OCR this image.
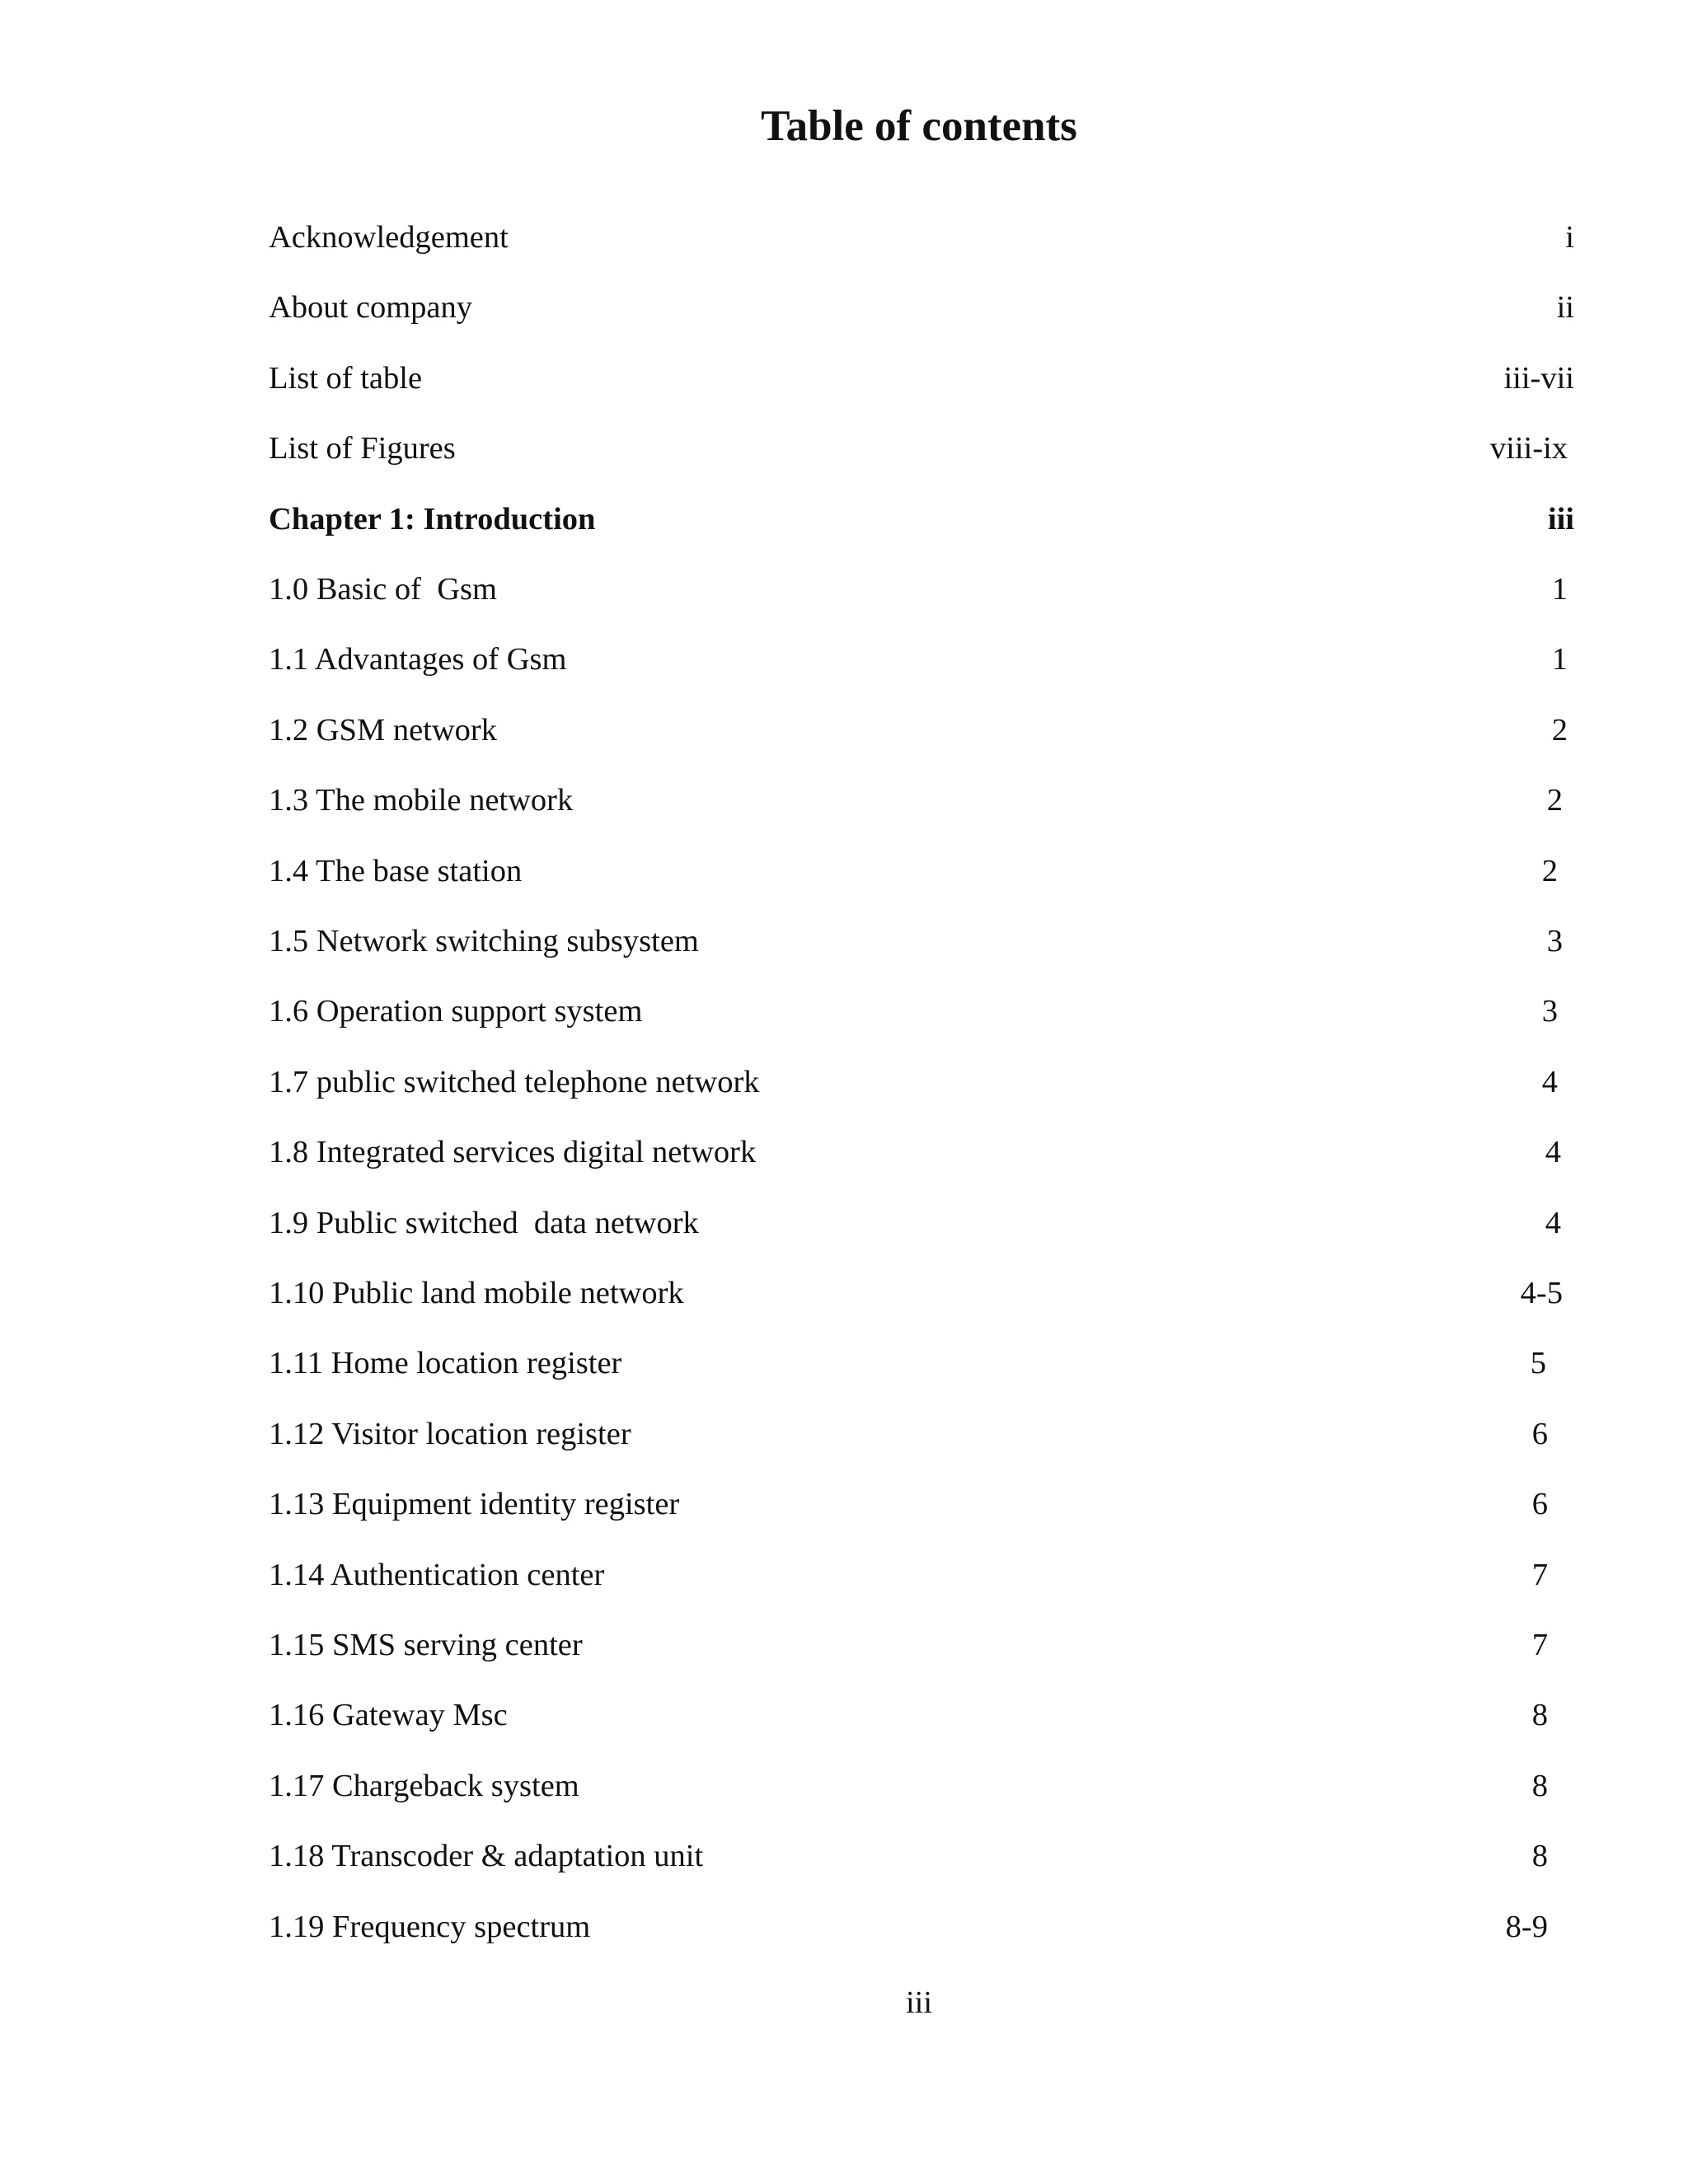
Table of contents
Acknowledgement	i
About company	ii
List of table	iii-vii
List of Figures	viii-ix
Chapter 1: Introduction	iii
1.0 Basic of  Gsm	1
1.1 Advantages of Gsm	1
1.2 GSM network	2
1.3 The mobile network	2
1.4 The base station	2
1.5 Network switching subsystem	3
1.6 Operation support system	3
1.7 public switched telephone network	4
1.8 Integrated services digital network	4
1.9 Public switched  data network	4
1.10 Public land mobile network	4-5
1.11 Home location register	5
1.12 Visitor location register	6
1.13 Equipment identity register	6
1.14 Authentication center	7
1.15 SMS serving center	7
1.16 Gateway Msc	8
1.17 Chargeback system	8
1.18 Transcoder & adaptation unit	8
1.19 Frequency spectrum	8-9
iii
